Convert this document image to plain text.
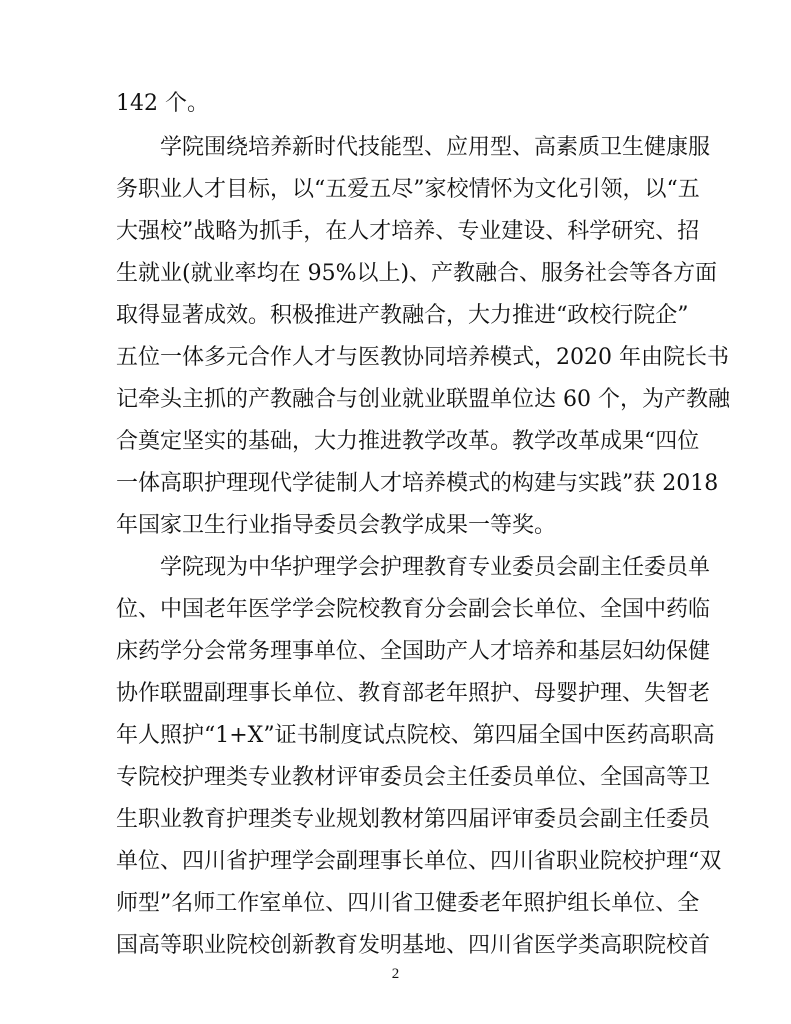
142 个。
学院围绕培养新时代技能型、应用型、高素质卫生健康服
务职业人才目标，以“五爱五尽”家校情怀为文化引领，以“五
大强校”战略为抓手，在人才培养、专业建设、科学研究、招
生就业(就业率均在 95%以上)、产教融合、服务社会等各方面
取得显著成效。积极推进产教融合，大力推进“政校行院企”
五位一体多元合作人才与医教协同培养模式，2020 年由院长书
记牵头主抓的产教融合与创业就业联盟单位达 60 个，为产教融
合奠定坚实的基础，大力推进教学改革。教学改革成果“四位
一体高职护理现代学徒制人才培养模式的构建与实践”获 2018
年国家卫生行业指导委员会教学成果一等奖。
学院现为中华护理学会护理教育专业委员会副主任委员单
位、中国老年医学学会院校教育分会副会长单位、全国中药临
床药学分会常务理事单位、全国助产人才培养和基层妇幼保健
协作联盟副理事长单位、教育部老年照护、母婴护理、失智老
年人照护“1+X”证书制度试点院校、第四届全国中医药高职高
专院校护理类专业教材评审委员会主任委员单位、全国高等卫
生职业教育护理类专业规划教材第四届评审委员会副主任委员
单位、四川省护理学会副理事长单位、四川省职业院校护理“双
师型”名师工作室单位、四川省卫健委老年照护组长单位、全
国高等职业院校创新教育发明基地、四川省医学类高职院校首
2
